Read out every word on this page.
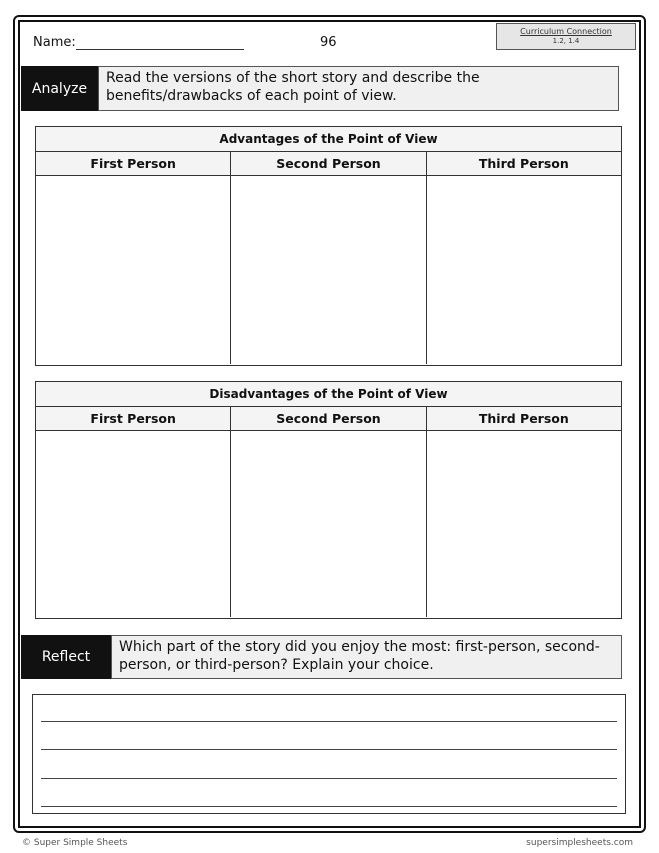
Name:	96
Curriculum Connection
1.2, 1.4
Analyze
Read the versions of the short story and describe the benefits/drawbacks of each point of view.
Advantages of the Point of View
First Person	Second Person	Third Person
Disadvantages of the Point of View
First Person	Second Person	Third Person
Reflect
Which part of the story did you enjoy the most: first-person, second-person, or third-person? Explain your choice.
© Super Simple Sheets	supersimplesheets.com
